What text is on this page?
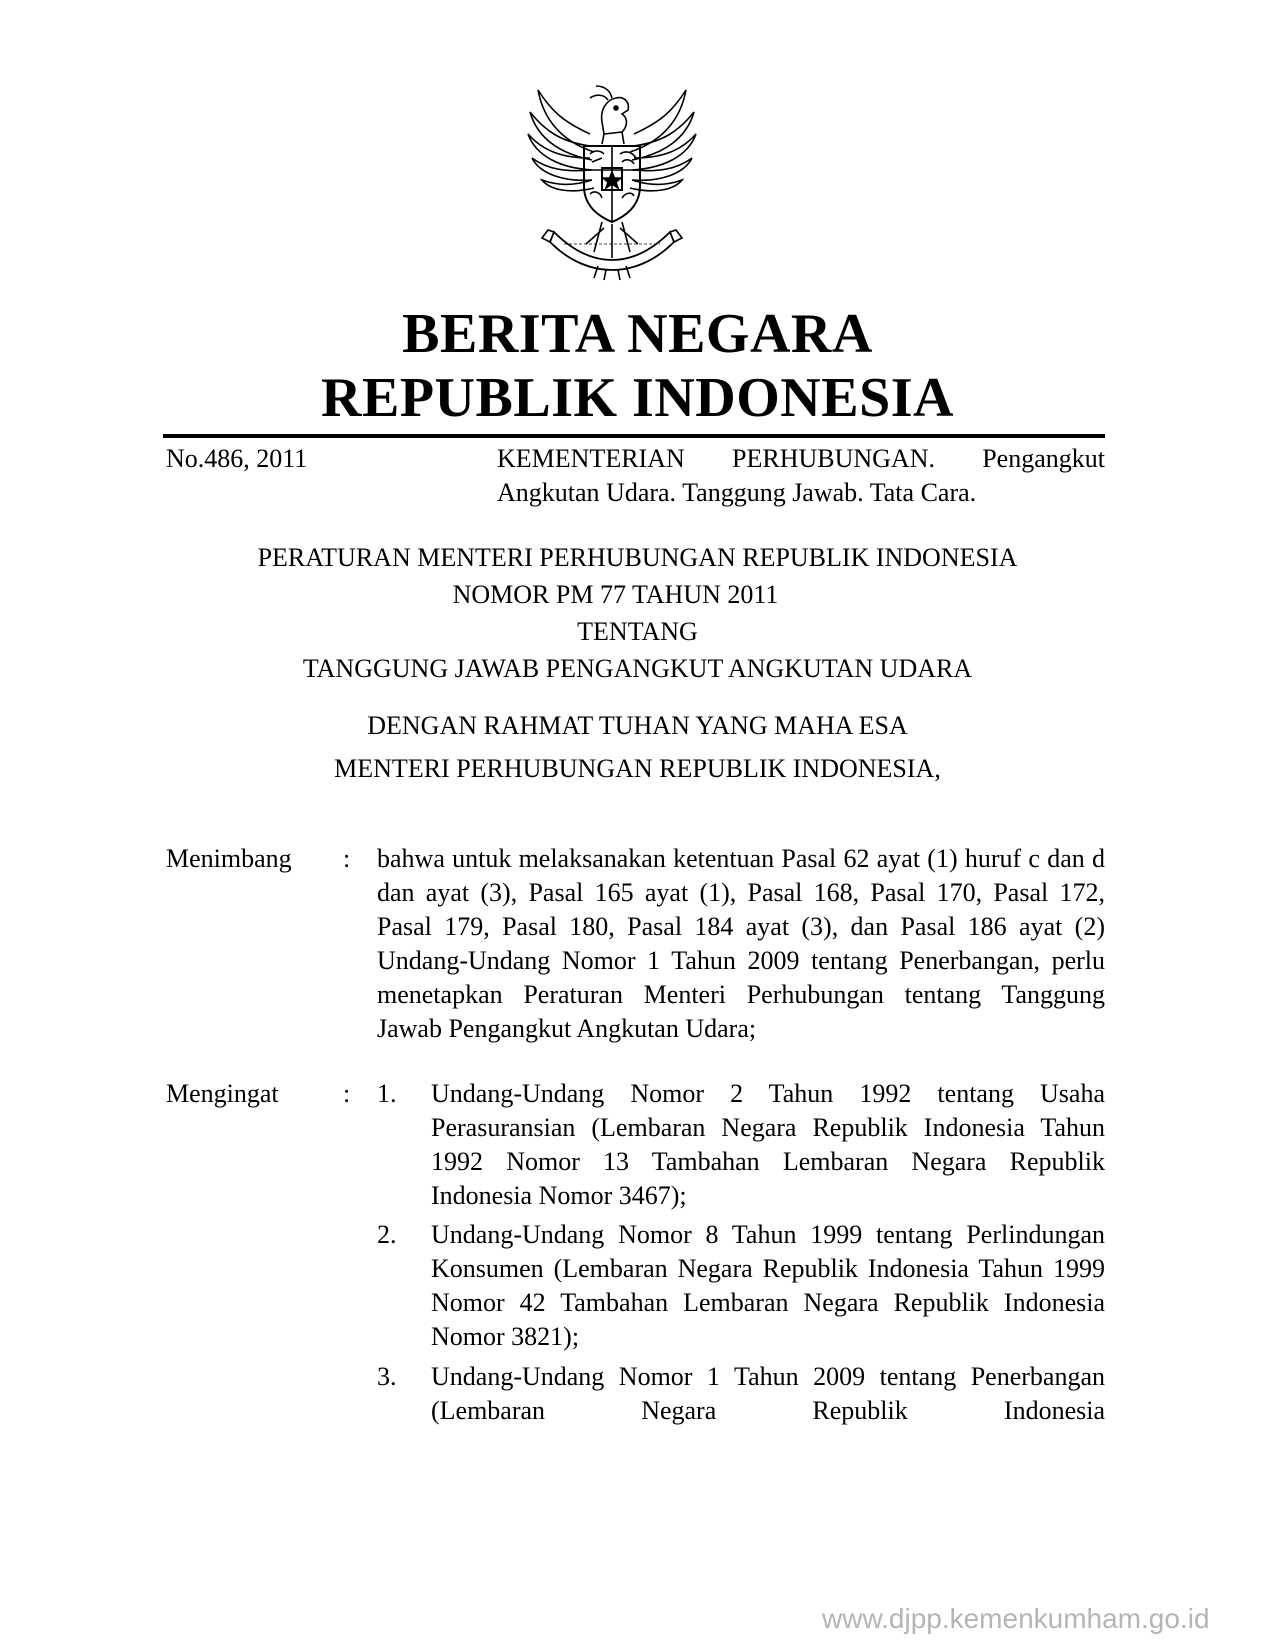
BERITA NEGARA
REPUBLIK INDONESIA
No.486, 2011	KEMENTERIAN PERHUBUNGAN. Pengangkut Angkutan Udara. Tanggung Jawab. Tata Cara.
PERATURAN MENTERI PERHUBUNGAN REPUBLIK INDONESIA
NOMOR PM 77 TAHUN 2011
TENTANG
TANGGUNG JAWAB PENGANGKUT ANGKUTAN UDARA
DENGAN RAHMAT TUHAN YANG MAHA ESA
MENTERI PERHUBUNGAN REPUBLIK INDONESIA,
Menimbang : bahwa untuk melaksanakan ketentuan Pasal 62 ayat (1) huruf c dan d dan ayat (3), Pasal 165 ayat (1), Pasal 168, Pasal 170, Pasal 172, Pasal 179, Pasal 180, Pasal 184 ayat (3), dan Pasal 186 ayat (2) Undang-Undang Nomor 1 Tahun 2009 tentang Penerbangan, perlu menetapkan Peraturan Menteri Perhubungan tentang Tanggung Jawab Pengangkut Angkutan Udara;
Mengingat : 1. Undang-Undang Nomor 2 Tahun 1992 tentang Usaha Perasuransian (Lembaran Negara Republik Indonesia Tahun 1992 Nomor 13 Tambahan Lembaran Negara Republik Indonesia Nomor 3467);
2. Undang-Undang Nomor 8 Tahun 1999 tentang Perlindungan Konsumen (Lembaran Negara Republik Indonesia Tahun 1999 Nomor 42 Tambahan Lembaran Negara Republik Indonesia Nomor 3821);
3. Undang-Undang Nomor 1 Tahun 2009 tentang Penerbangan (Lembaran Negara Republik Indonesia
www.djpp.kemenkumham.go.id
